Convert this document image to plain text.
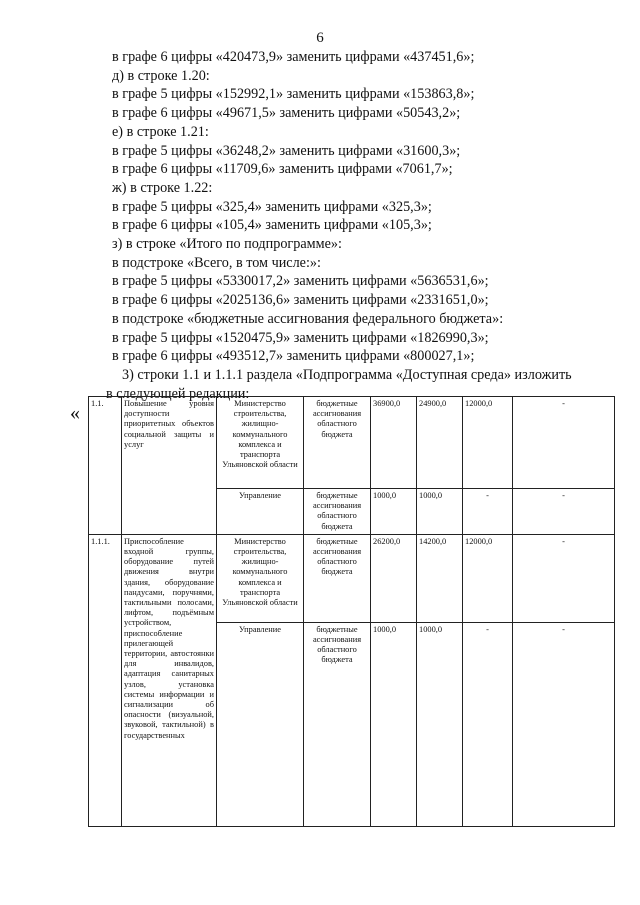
6
в графе 6 цифры «420473,9» заменить цифрами «437451,6»;
д) в строке 1.20:
в графе 5 цифры «152992,1» заменить цифрами «153863,8»;
в графе 6 цифры «49671,5» заменить цифрами «50543,2»;
е) в строке 1.21:
в графе 5 цифры «36248,2» заменить цифрами «31600,3»;
в графе 6 цифры «11709,6» заменить цифрами «7061,7»;
ж) в строке 1.22:
в графе 5 цифры «325,4» заменить цифрами «325,3»;
в графе 6 цифры «105,4» заменить цифрами «105,3»;
з) в строке «Итого по подпрограмме»:
в подстроке «Всего, в том числе:»:
в графе 5 цифры «5330017,2» заменить цифрами «5636531,6»;
в графе 6 цифры «2025136,6» заменить цифрами «2331651,0»;
в подстроке «бюджетные ассигнования федерального бюджета»:
в графе 5 цифры «1520475,9» заменить цифрами «1826990,3»;
в графе 6 цифры «493512,7» заменить цифрами «800027,1»;
3) строки 1.1 и 1.1.1 раздела «Подпрограмма «Доступная среда» изложить
в следующей редакции:
« 1.1.	Повышение уровня доступности приоритетных объектов социальной защиты и услуг	Министерство строительства, жилищно-коммунального комплекса и транспорта Ульяновской области	бюджетные ассигнования областного бюджета	36900,0	24900,0	12000,0	-
		Управление	бюджетные ассигнования областного бюджета	1000,0	1000,0	-	-
1.1.1.	Приспособление входной группы, оборудование путей движения внутри здания, оборудование пандусами, поручнями, тактильными полосами, лифтом, подъёмным устройством, приспособление прилегающей территории, автостоянки для инвалидов, адаптация санитарных узлов, установка системы информации и сигнализации об опасности (визуальной, звуковой, тактильной) в государственных	Министерство строительства, жилищно-коммунального комплекса и транспорта Ульяновской области	бюджетные ассигнования областного бюджета	26200,0	14200,0	12000,0	-
		Управление	бюджетные ассигнования областного бюджета	1000,0	1000,0	-	-
